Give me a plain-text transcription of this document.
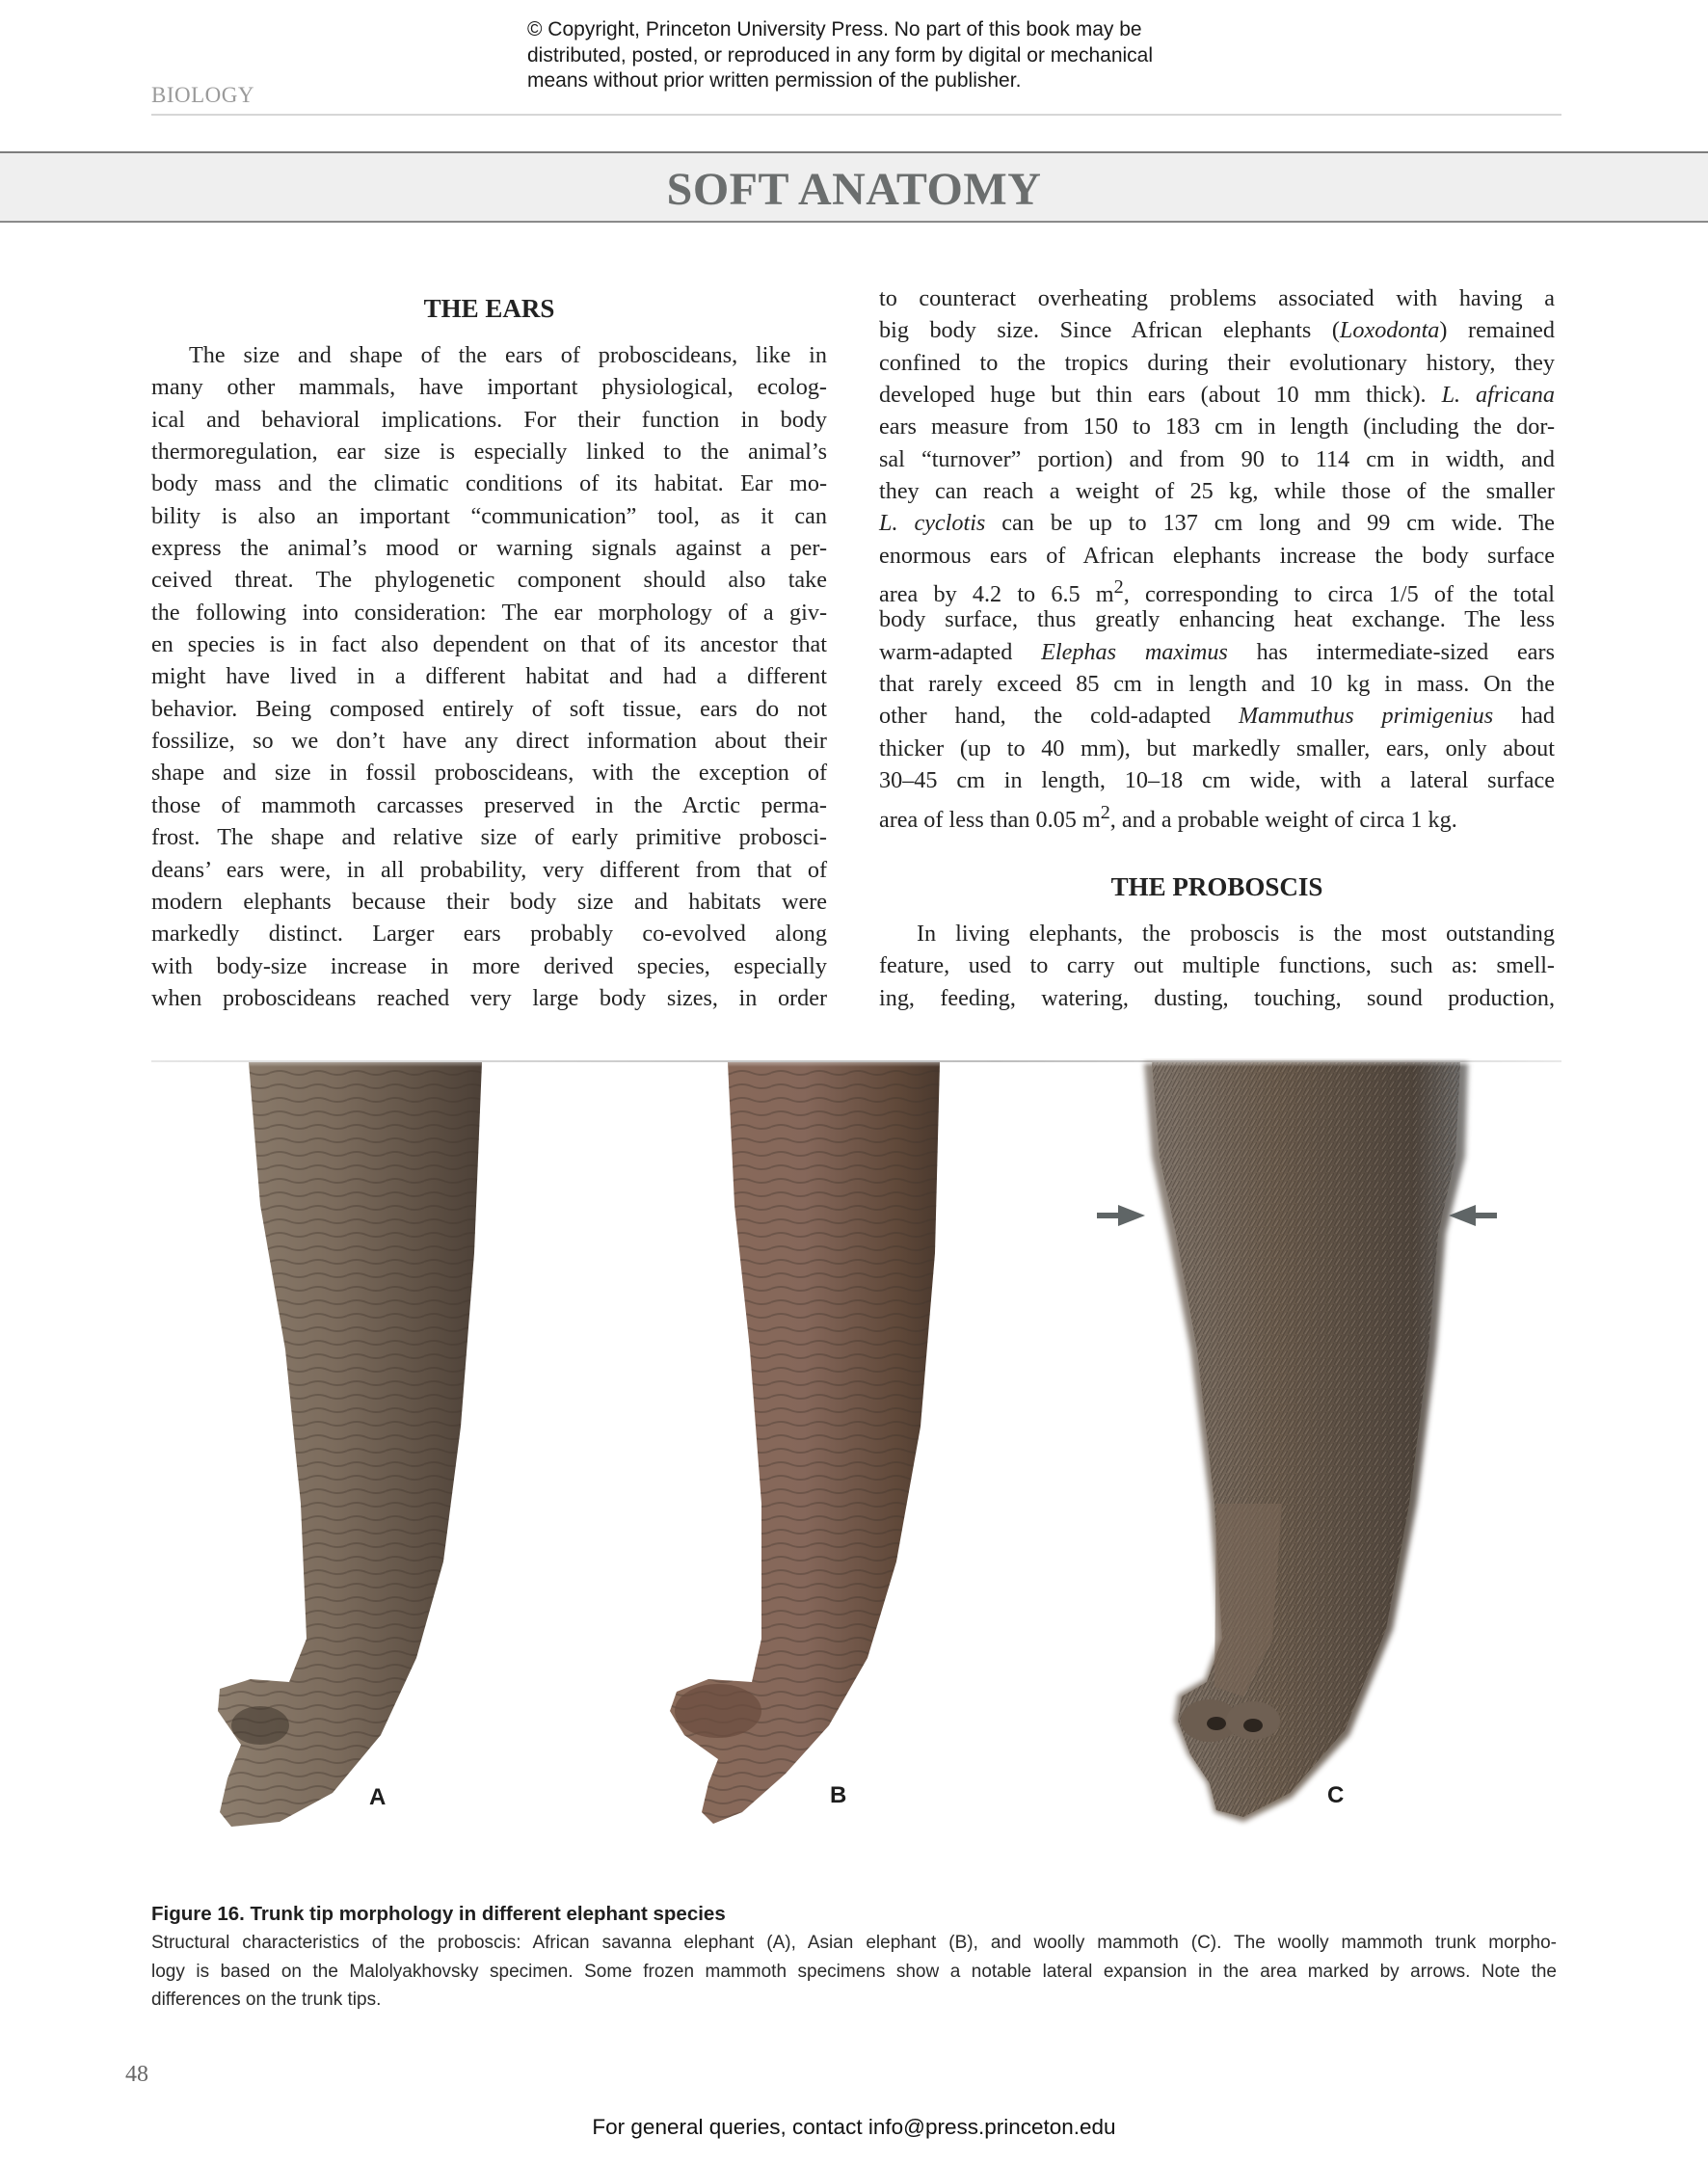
© Copyright, Princeton University Press. No part of this book may be
distributed, posted, or reproduced in any form by digital or mechanical
means without prior written permission of the publisher.
BIOLOGY
SOFT ANATOMY
THE EARS
The size and shape of the ears of proboscideans, like in
many other mammals, have important physiological, ecolog-
ical and behavioral implications. For their function in body
thermoregulation, ear size is especially linked to the animal’s
body mass and the climatic conditions of its habitat. Ear mo-
bility is also an important “communication” tool, as it can
express the animal’s mood or warning signals against a per-
ceived threat. The phylogenetic component should also take
the following into consideration: The ear morphology of a giv-
en species is in fact also dependent on that of its ancestor that
might have lived in a different habitat and had a different
behavior. Being composed entirely of soft tissue, ears do not
fossilize, so we don’t have any direct information about their
shape and size in fossil proboscideans, with the exception of
those of mammoth carcasses preserved in the Arctic perma-
frost. The shape and relative size of early primitive probosci-
deans’ ears were, in all probability, very different from that of
modern elephants because their body size and habitats were
markedly distinct. Larger ears probably co-evolved along
with body-size increase in more derived species, especially
when proboscideans reached very large body sizes, in order
to counteract overheating problems associated with having a
big body size. Since African elephants (Loxodonta) remained
confined to the tropics during their evolutionary history, they
developed huge but thin ears (about 10 mm thick). L. africana
ears measure from 150 to 183 cm in length (including the dor-
sal “turnover” portion) and from 90 to 114 cm in width, and
they can reach a weight of 25 kg, while those of the smaller
L. cyclotis can be up to 137 cm long and 99 cm wide. The
enormous ears of African elephants increase the body surface
area by 4.2 to 6.5 $m^2$, corresponding to circa 1/5 of the total
body surface, thus greatly enhancing heat exchange. The less
warm-adapted Elephas maximus has intermediate-sized ears
that rarely exceed 85 cm in length and 10 kg in mass. On the
other hand, the cold-adapted Mammuthus primigenius had
thicker (up to 40 mm), but markedly smaller, ears, only about
30–45 cm in length, 10–18 cm wide, with a lateral surface
area of less than 0.05 $m^2$, and a probable weight of circa 1 kg.
THE PROBOSCIS
In living elephants, the proboscis is the most outstanding
feature, used to carry out multiple functions, such as: smell-
ing, feeding, watering, dusting, touching, sound production,
A	B	C
Figure 16. Trunk tip morphology in different elephant species
Structural characteristics of the proboscis: African savanna elephant (A), Asian elephant (B), and woolly mammoth (C). The woolly mammoth trunk morpho-
logy is based on the Malolyakhovsky specimen. Some frozen mammoth specimens show a notable lateral expansion in the area marked by arrows. Note the
differences on the trunk tips.
48
For general queries, contact info@press.princeton.edu
